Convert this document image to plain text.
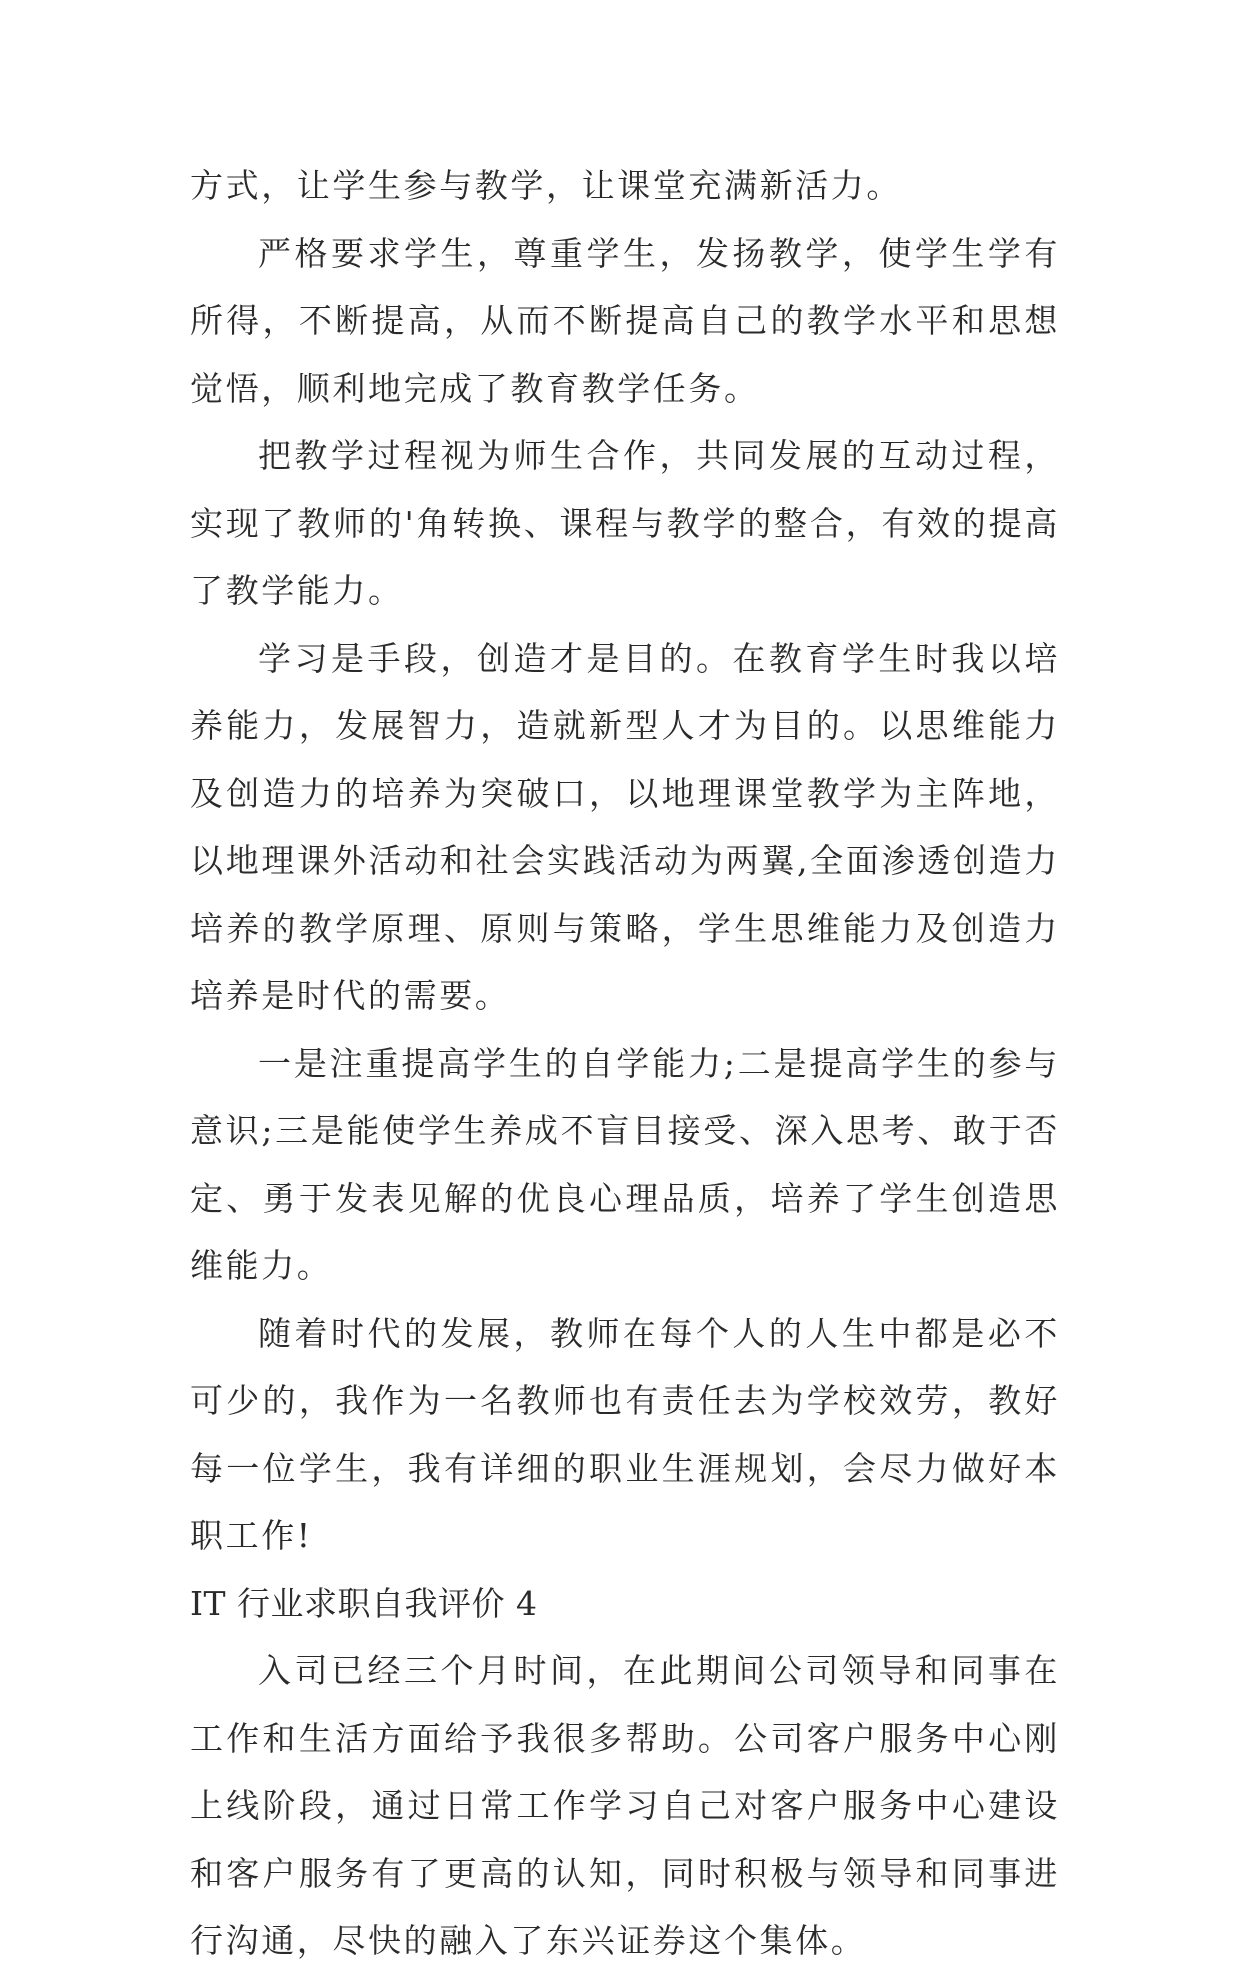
方式，让学生参与教学，让课堂充满新活力。

严格要求学生，尊重学生，发扬教学，使学生学有所得，不断提高，从而不断提高自己的教学水平和思想觉悟，顺利地完成了教育教学任务。

把教学过程视为师生合作，共同发展的互动过程，实现了教师的'角转换、课程与教学的整合，有效的提高了教学能力。

学习是手段，创造才是目的。在教育学生时我以培养能力，发展智力，造就新型人才为目的。以思维能力及创造力的培养为突破口，以地理课堂教学为主阵地，以地理课外活动和社会实践活动为两翼,全面渗透创造力培养的教学原理、原则与策略，学生思维能力及创造力培养是时代的需要。

一是注重提高学生的自学能力;二是提高学生的参与意识;三是能使学生养成不盲目接受、深入思考、敢于否定、勇于发表见解的优良心理品质，培养了学生创造思维能力。

随着时代的发展，教师在每个人的人生中都是必不可少的，我作为一名教师也有责任去为学校效劳，教好每一位学生，我有详细的职业生涯规划，会尽力做好本职工作!

IT 行业求职自我评价 4

入司已经三个月时间，在此期间公司领导和同事在工作和生活方面给予我很多帮助。公司客户服务中心刚上线阶段，通过日常工作学习自己对客户服务中心建设和客户服务有了更高的认知，同时积极与领导和同事进行沟通，尽快的融入了东兴证券这个集体。
